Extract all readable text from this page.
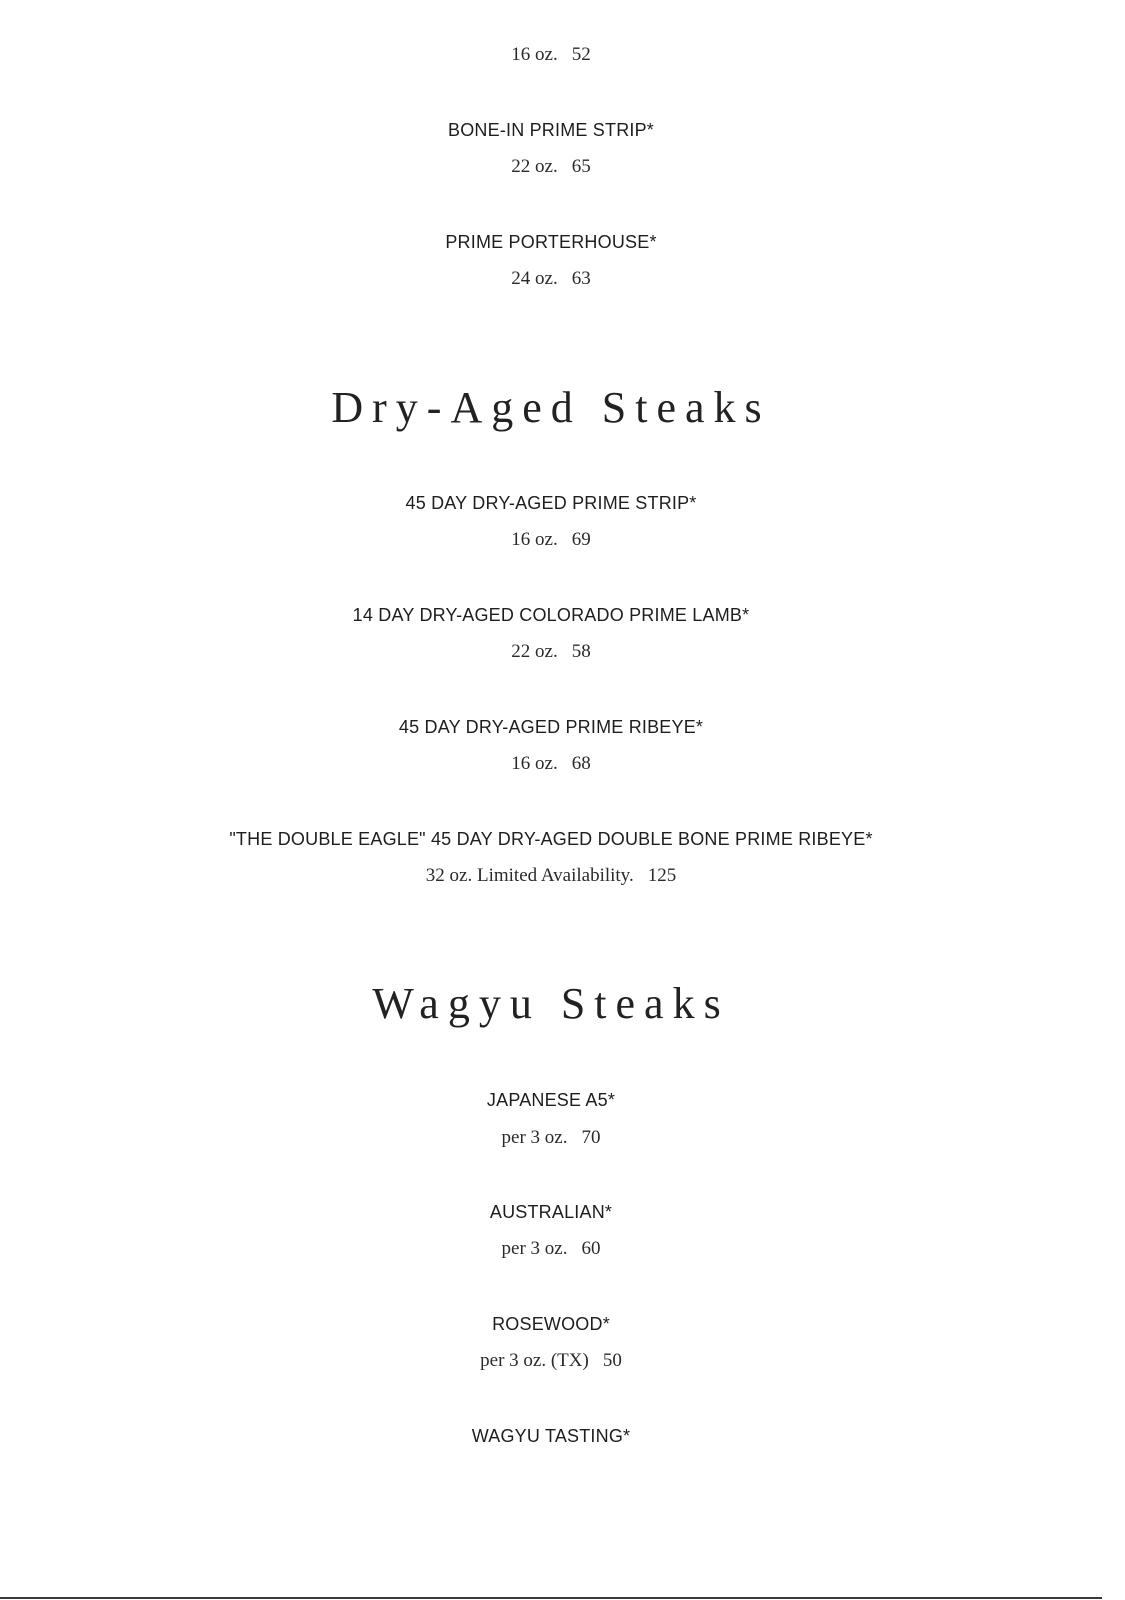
16 oz. 52
BONE-IN PRIME STRIP*
22 oz. 65
PRIME PORTERHOUSE*
24 oz. 63
Dry-Aged Steaks
45 DAY DRY-AGED PRIME STRIP*
16 oz. 69
14 DAY DRY-AGED COLORADO PRIME LAMB*
22 oz. 58
45 DAY DRY-AGED PRIME RIBEYE*
16 oz. 68
"THE DOUBLE EAGLE" 45 DAY DRY-AGED DOUBLE BONE PRIME RIBEYE*
32 oz. Limited Availability. 125
Wagyu Steaks
JAPANESE A5*
per 3 oz. 70
AUSTRALIAN*
per 3 oz. 60
ROSEWOOD*
per 3 oz. (TX) 50
WAGYU TASTING*
